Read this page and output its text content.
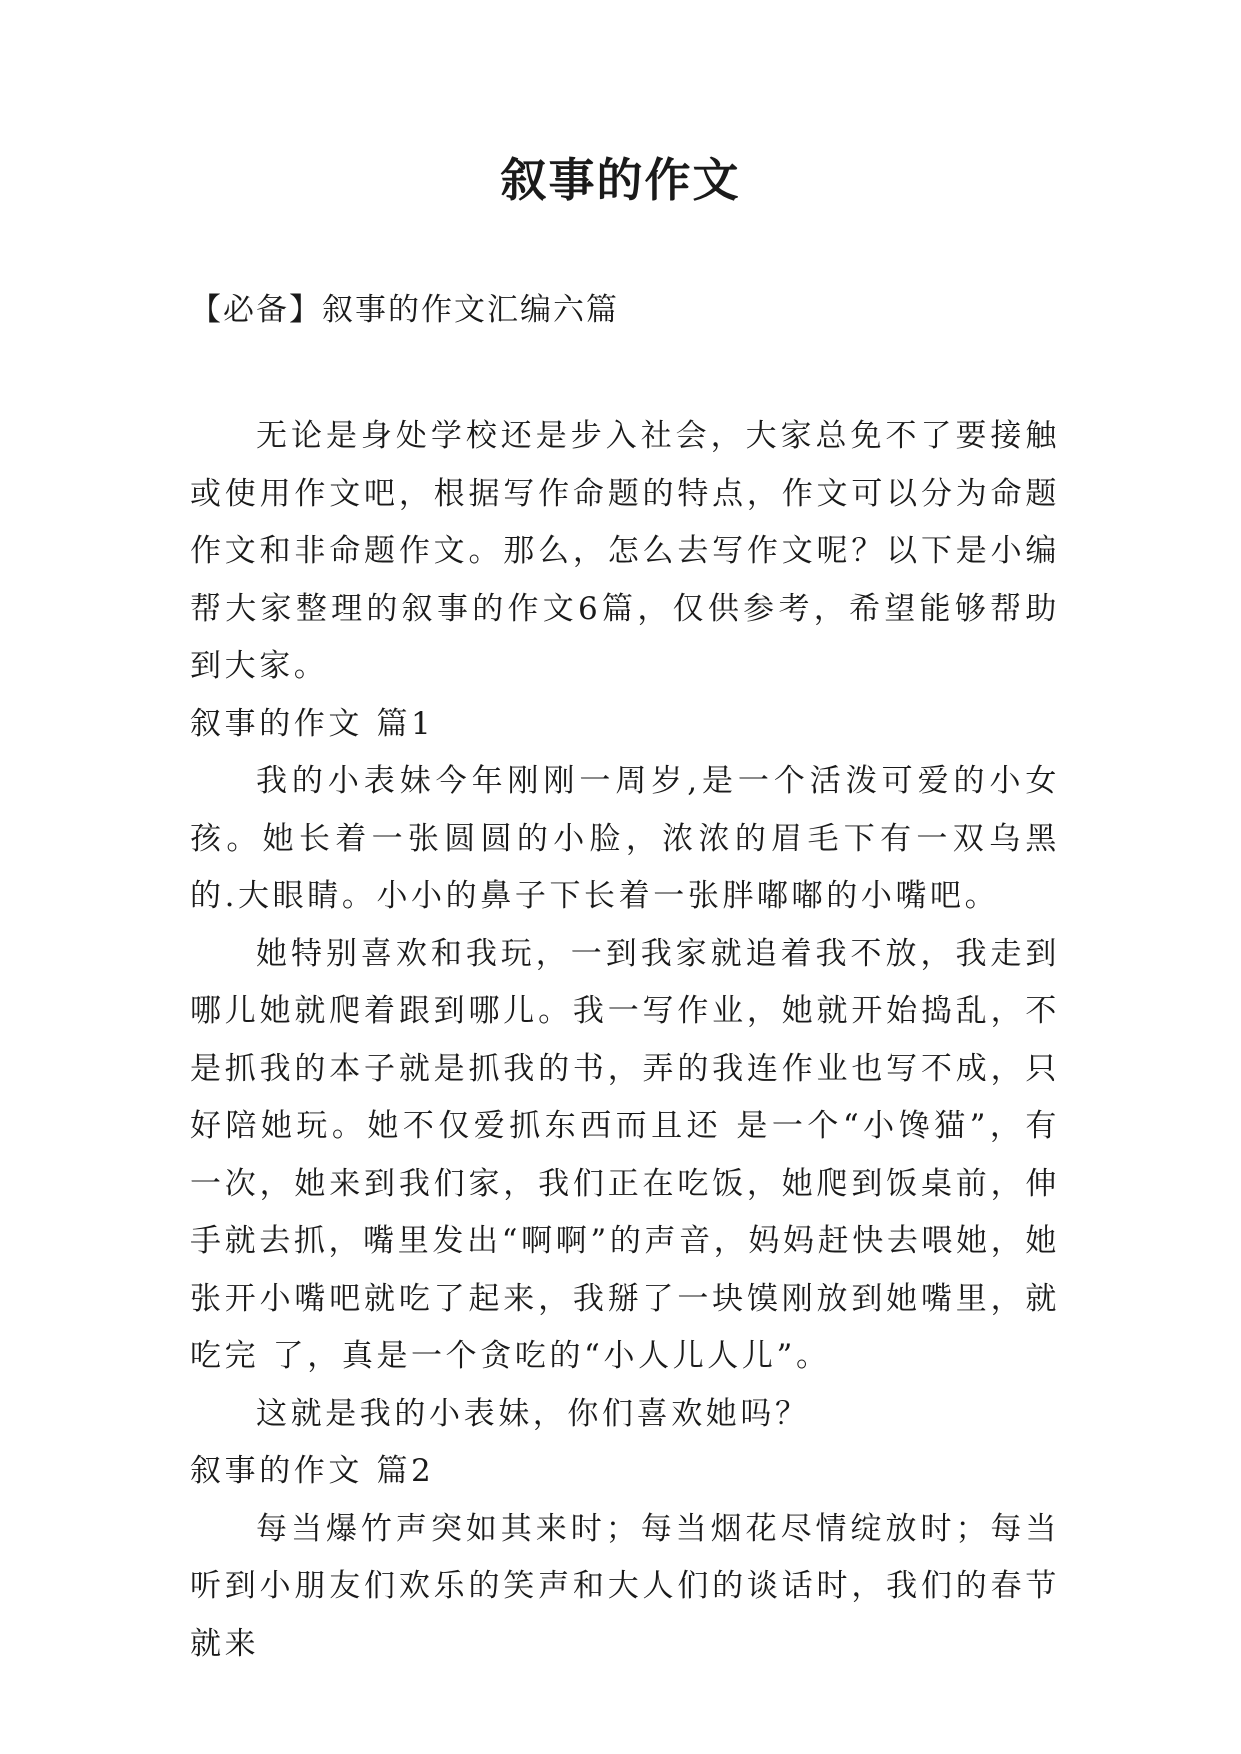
叙事的作文

【必备】叙事的作文汇编六篇

无论是身处学校还是步入社会，大家总免不了要接触或使用作文吧，根据写作命题的特点，作文可以分为命题作文和非命题作文。那么，怎么去写作文呢？以下是小编帮大家整理的叙事的作文6篇，仅供参考，希望能够帮助到大家。

叙事的作文 篇1

我的小表妹今年刚刚一周岁,是一个活泼可爱的小女孩。她长着一张圆圆的小脸，浓浓的眉毛下有一双乌黑的.大眼睛。小小的鼻子下长着一张胖嘟嘟的小嘴吧。

她特别喜欢和我玩，一到我家就追着我不放，我走到哪儿她就爬着跟到哪儿。我一写作业，她就开始捣乱，不是抓我的本子就是抓我的书，弄的我连作业也写不成，只好陪她玩。她不仅爱抓东西而且还 是一个“小馋猫”，有一次，她来到我们家，我们正在吃饭，她爬到饭桌前，伸手就去抓，嘴里发出“啊啊”的声音，妈妈赶快去喂她，她张开小嘴吧就吃了起来，我掰了一块馍刚放到她嘴里，就吃完 了，真是一个贪吃的“小人儿人儿”。

这就是我的小表妹，你们喜欢她吗？

叙事的作文 篇2

每当爆竹声突如其来时；每当烟花尽情绽放时；每当听到小朋友们欢乐的笑声和大人们的谈话时，我们的春节就来
